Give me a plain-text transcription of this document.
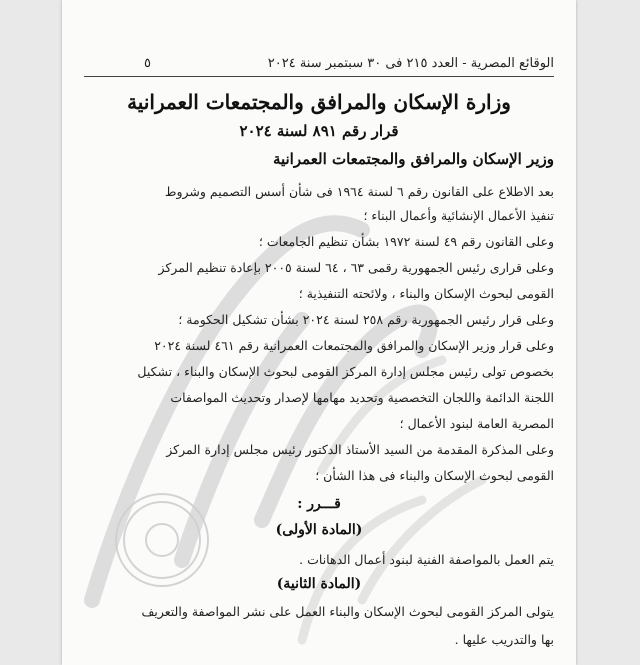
الوقائع المصرية - العدد ٢١٥ فى ٣٠ سبتمبر سنة ٢٠٢٤
٥
وزارة الإسكان والمرافق والمجتمعات العمرانية
قرار رقم ٨٩١ لسنة ٢٠٢٤
وزير الإسكان والمرافق والمجتمعات العمرانية
بعد الاطلاع على القانون رقم ٦ لسنة ١٩٦٤ فى شأن أسس التصميم وشروط
تنفيذ الأعمال الإنشائية وأعمال البناء ؛
وعلى القانون رقم ٤٩ لسنة ١٩٧٢ بشأن تنظيم الجامعات ؛
وعلى قرارى رئيس الجمهورية رقمى ٦٣ ، ٦٤ لسنة ٢٠٠٥ بإعادة تنظيم المركز
القومى لبحوث الإسكان والبناء ، ولائحته التنفيذية ؛
وعلى قرار رئيس الجمهورية رقم ٢٥٨ لسنة ٢٠٢٤ بشأن تشكيل الحكومة ؛
وعلى قرار وزير الإسكان والمرافق والمجتمعات العمرانية رقم ٤٦١ لسنة ٢٠٢٤
بخصوص تولى رئيس مجلس إدارة المركز القومى لبحوث الإسكان والبناء ، تشكيل
اللجنة الدائمة واللجان التخصصية وتحديد مهامها لإصدار وتحديث المواصفات
المصرية العامة لبنود الأعمال ؛
وعلى المذكرة المقدمة من السيد الأستاذ الدكتور رئيس مجلس إدارة المركز
القومى لبحوث الإسكان والبناء فى هذا الشأن ؛
قـــرر :
(المادة الأولى)
يتم العمل بالمواصفة الفنية لبنود أعمال الدهانات .
(المادة الثانية)
يتولى المركز القومى لبحوث الإسكان والبناء العمل على نشر المواصفة والتعريف
بها والتدريب عليها .
